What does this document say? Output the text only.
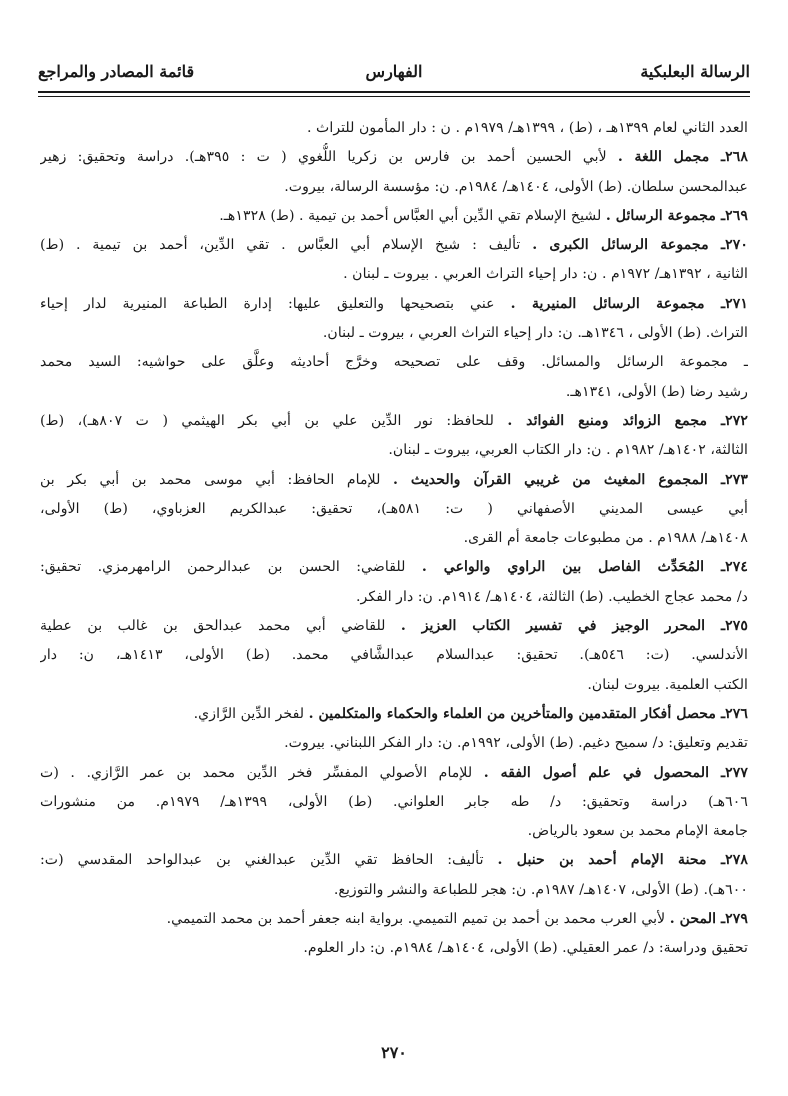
الرسالة البعلبكية
الفهارس
قائمة المصادر والمراجع
العدد الثاني لعام ١٣٩٩هـ ، (ط) ، ١٣٩٩هـ/ ١٩٧٩م . ن : دار المأمون للتراث .
٢٦٨ـ مجمل اللغة . لأبي الحسين أحمد بن فارس بن زكريا اللُّغوي ( ت : ٣٩٥هـ). دراسة وتحقيق: زهير
عبدالمحسن سلطان. (ط) الأولى، ١٤٠٤هـ/ ١٩٨٤م. ن: مؤسسة الرسالة، بيروت.
٢٦٩ـ مجموعة الرسائل . لشيخ الإسلام تقي الدِّين أبي العبَّاس أحمد بن تيمية . (ط) ١٣٢٨هـ.
٢٧٠ـ مجموعة الرسائل الكبرى . تأليف : شيخ الإسلام أبي العبَّاس . تقي الدِّين، أحمد بن تيمية . (ط)
الثانية ، ١٣٩٢هـ/ ١٩٧٢م . ن: دار إحياء التراث العربي . بيروت ـ لبنان .
٢٧١ـ مجموعة الرسائل المنيرية . عني بتصحيحها والتعليق عليها: إدارة الطباعة المنيرية لدار إحياء
التراث. (ط) الأولى ، ١٣٤٦هـ. ن: دار إحياء التراث العربي ، بيروت ـ لبنان.
ـ مجموعة الرسائل والمسائل. وقف على تصحيحه وخرَّج أحاديثه وعلَّق على حواشيه: السيد محمد
رشيد رضا (ط) الأولى، ١٣٤١هـ.
٢٧٢ـ مجمع الزوائد ومنبع الفوائد . للحافظ: نور الدِّين علي بن أبي بكر الهيثمي ( ت ٨٠٧هـ)، (ط)
الثالثة، ١٤٠٢هـ/ ١٩٨٢م . ن: دار الكتاب العربي، بيروت ـ لبنان.
٢٧٣ـ المجموع المغيث من غريبي القرآن والحديث . للإمام الحافظ: أبي موسى محمد بن أبي بكر بن
أبي عيسى المديني الأصفهاني ( ت: ٥٨١هـ)، تحقيق: عبدالكريم العزباوي، (ط) الأولى،
١٤٠٨هـ/ ١٩٨٨م . من مطبوعات جامعة أم القرى.
٢٧٤ـ المُحَدِّث الفاصل بين الراوي والواعي . للقاضي: الحسن بن عبدالرحمن الرامهرمزي. تحقيق:
د/ محمد عجاج الخطيب. (ط) الثالثة، ١٤٠٤هـ/ ١٩١٤م. ن: دار الفكر.
٢٧٥ـ المحرر الوجيز في تفسير الكتاب العزيز . للقاضي أبي محمد عبدالحق بن غالب بن عطية
الأندلسي. (ت: ٥٤٦هـ). تحقيق: عبدالسلام عبدالشَّافي محمد. (ط) الأولى، ١٤١٣هـ، ن: دار
الكتب العلمية. بيروت لبنان.
٢٧٦ـ محصل أفكار المتقدمين والمتأخرين من العلماء والحكماء والمتكلمين . لفخر الدِّين الرَّازي.
تقديم وتعليق: د/ سميح دغيم. (ط) الأولى، ١٩٩٢م. ن: دار الفكر اللبناني. بيروت.
٢٧٧ـ المحصول في علم أصول الفقه . للإمام الأصولي المفسِّر فخر الدِّين محمد بن عمر الرَّازي. . (ت
٦٠٦هـ) دراسة وتحقيق: د/ طه جابر العلواني. (ط) الأولى، ١٣٩٩هـ/ ١٩٧٩م. من منشورات
جامعة الإمام محمد بن سعود بالرياض.
٢٧٨ـ محنة الإمام أحمد بن حنبل . تأليف: الحافظ تقي الدِّين عبدالغني بن عبدالواحد المقدسي (ت:
٦٠٠هـ). (ط) الأولى، ١٤٠٧هـ/ ١٩٨٧م. ن: هجر للطباعة والنشر والتوزيع.
٢٧٩ـ المحن . لأبي العرب محمد بن أحمد بن تميم التميمي. برواية ابنه جعفر أحمد بن محمد التميمي.
تحقيق ودراسة: د/ عمر العقيلي. (ط) الأولى، ١٤٠٤هـ/ ١٩٨٤م. ن: دار العلوم.
٢٧٠
